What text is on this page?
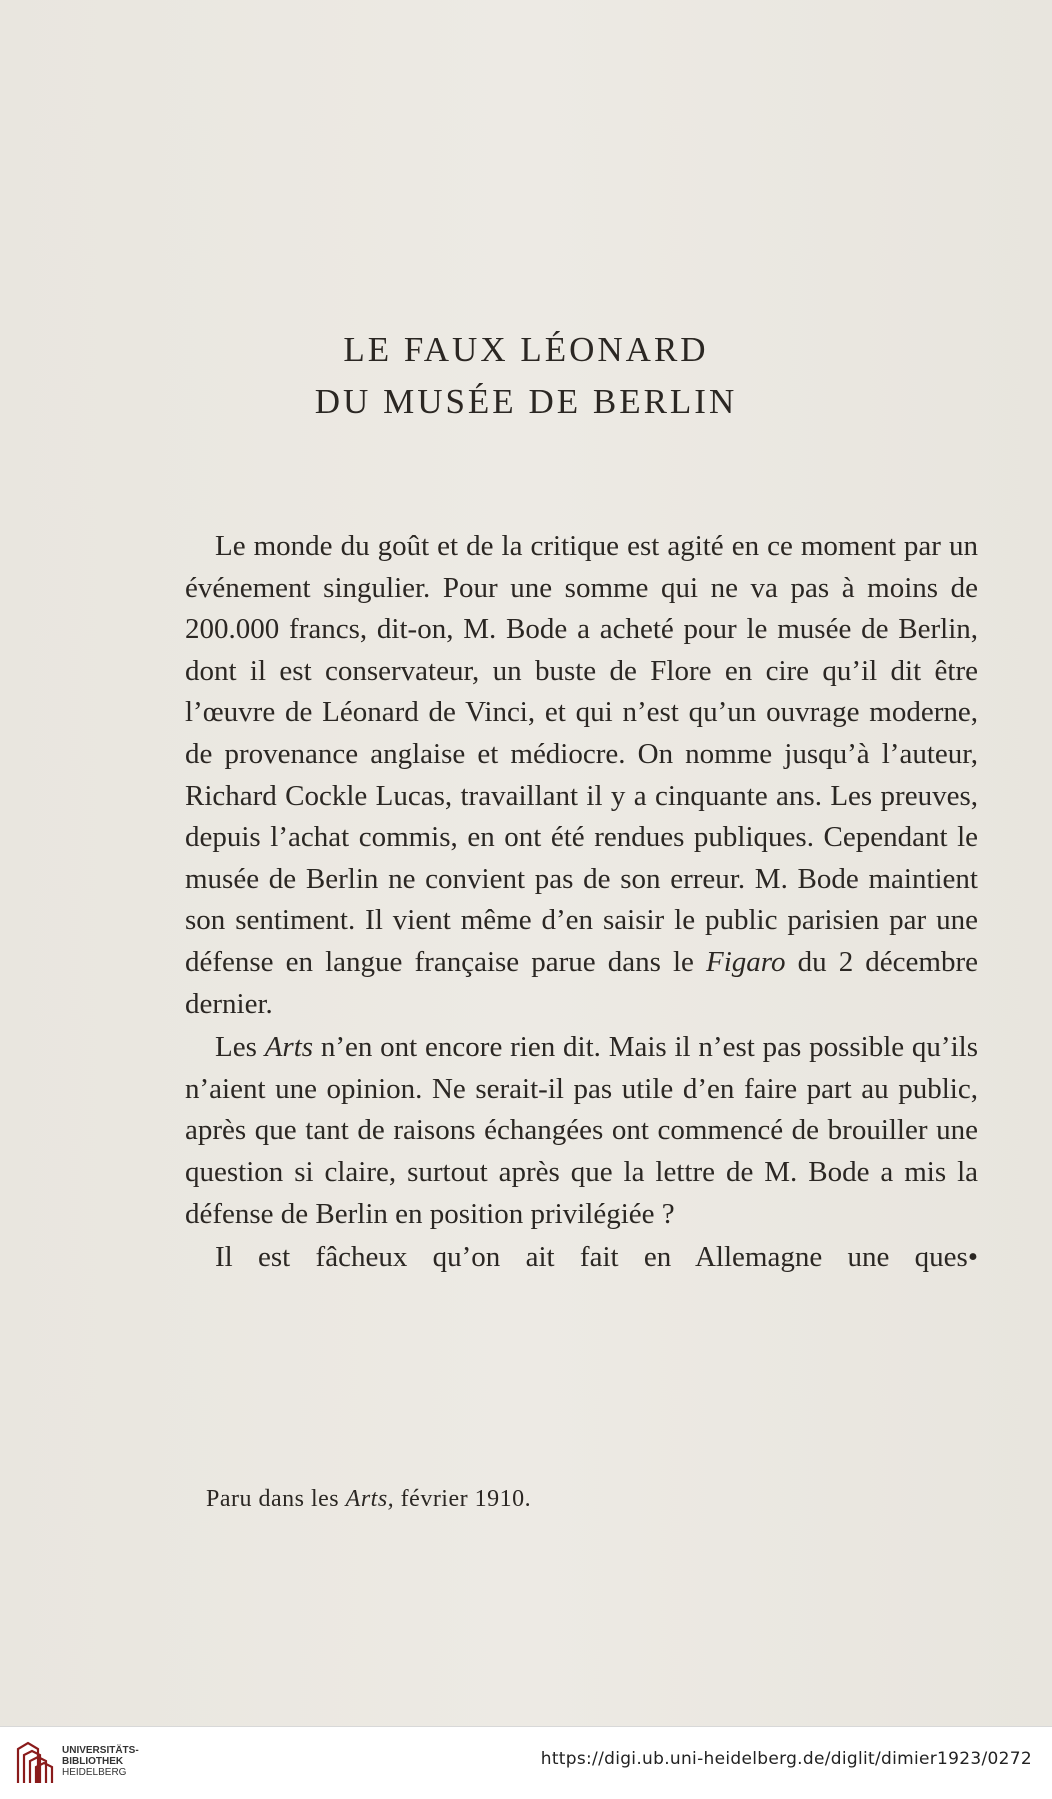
LE FAUX LÉONARD
DU MUSÉE DE BERLIN

Le monde du goût et de la critique est agité en ce moment par un événement singulier. Pour une somme qui ne va pas à moins de 200.000 francs, dit-on, M. Bode a acheté pour le musée de Berlin, dont il est conservateur, un buste de Flore en cire qu’il dit être l’œuvre de Léonard de Vinci, et qui n’est qu’un ouvrage moderne, de provenance anglaise et médiocre. On nomme jusqu’à l’auteur, Richard Cockle Lucas, travaillant il y a cinquante ans. Les preuves, depuis l’achat commis, en ont été rendues publiques. Cependant le musée de Berlin ne convient pas de son erreur. M. Bode maintient son sentiment. Il vient même d’en saisir le public parisien par une défense en langue française parue dans le Figaro du 2 décembre dernier.

Les Arts n’en ont encore rien dit. Mais il n’est pas possible qu’ils n’aient une opinion. Ne serait-il pas utile d’en faire part au public, après que tant de raisons échangées ont commencé de brouiller une question si claire, surtout après que la lettre de M. Bode a mis la défense de Berlin en position privilégiée ?

Il est fâcheux qu’on ait fait en Allemagne une ques•

Paru dans les Arts, février 1910.
UNIVERSITÄTS-
BIBLIOTHEK
HEIDELBERG
https://digi.ub.uni-heidelberg.de/diglit/dimier1923/0272
